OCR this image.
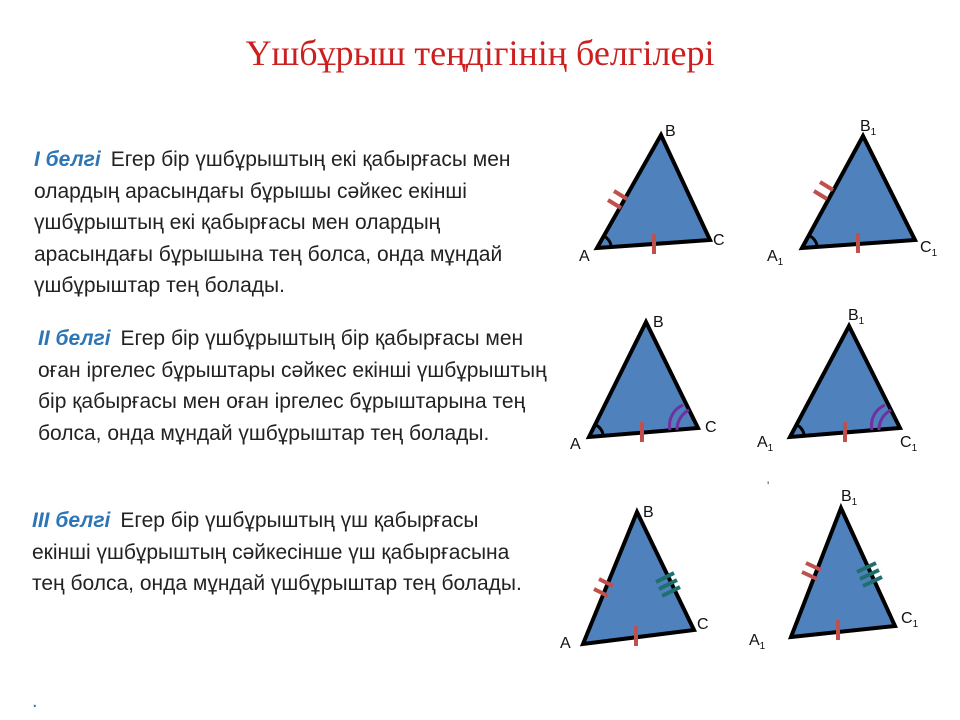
Үшбұрыш теңдігінің белгілері
I белгі Егер бір үшбұрыштың екі қабырғасы мен олардың арасындағы бұрышы сәйкес екінші үшбұрыштың екі қабырғасы мен олардың арасындағы бұрышына тең болса, онда мұндай үшбұрыштар тең болады.
II белгі Егер бір үшбұрыштың бір қабырғасы мен оған іргелес бұрыштары сәйкес екінші үшбұрыштың бір қабырғасы мен оған іргелес бұрыштарына тең болса, онда мұндай үшбұрыштар тең болады.
III белгі Егер бір үшбұрыштың үш қабырғасы екінші үшбұрыштың сәйкесінше үш қабырғасына тең болса, онда мұндай үшбұрыштар тең болады.
.
'
A
B
C
$A_1$
$B_1$
$C_1$
A
B
C
$A_1$
$B_1$
$C_1$
A
B
C
$A_1$
$B_1$
$C_1$
